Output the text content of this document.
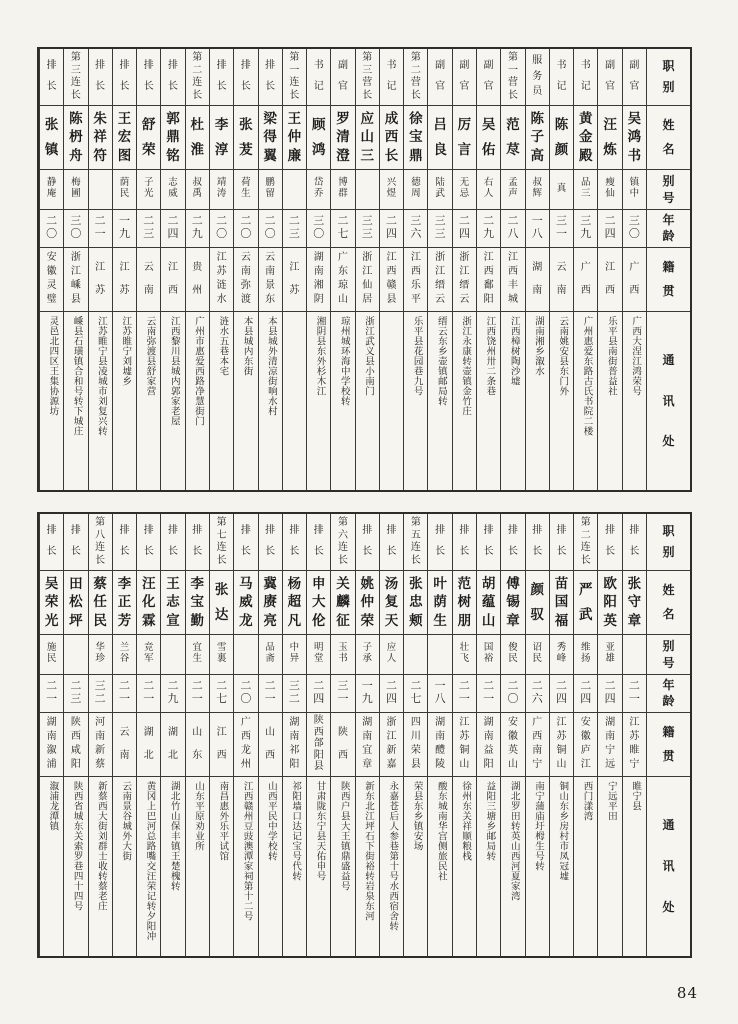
职
别
姓
名
别
号
年
龄
籍
贯
通
讯
处
副
官
吴
鸿
书
镇
中
三
〇
广
西
广西大涅江鸿荣号
副
官
汪
炼
瘦
仙
二
四
江
西
乐平县南街普益社
书
记
黄
金
殿
品
三
三
九
广
西
广州惠爱东路古氏书院二楼
书
记
陈
颜
真
三
一
云
南
云南姚安县东门外
服
务
员
陈
子
高
叔
辉
一
八
湖
南
湖南湘乡溆水
第
一
营
长
范
荩
孟
声
二
八
江
西
丰
城
江西樟树陶沙墟
副
官
吴
佑
右
人
二
九
江
西
鄱
阳
江西饶州卅二条巷
副
官
厉
言
无
忌
二
四
浙
江
缙
云
浙江永康转壶镇金竹庄
副
官
吕
良
陆
武
三
三
浙
江
缙
云
缙云东乡壶镇邮局转
第
二
营
长
徐
宝
鼎
德
周
三
六
江
西
乐
平
乐平县花园巷九号
书
记
成
西
长
兴
煜
二
四
江
西
赣
县
第
三
营
长
应
山
三
三
三
浙
江
仙
居
浙江武义县小南门
副
官
罗
清
澄
博
群
二
七
广
东
琼
山
琼州城环海中学校转
书
记
顾
鸿
岱
乔
三
〇
湖
南
湘
阴
湘阴县东外杉木江
第
一
连
长
王
仲
廉
二
三
江
苏
排
长
梁
得
翼
鹏
留
二
〇
云
南
景
东
本县城外清凉街响水村
排
长
张
茇
荷
生
二
〇
云
南
弥
渡
本县城内东街
排
长
李
淳
靖
涛
二
〇
江
苏
涟
水
涟水五巷本宅
第
二
连
长
杜
淮
叔
禹
二
九
贵
州
广州市惠爱西路净慧街门
排
长
郭
鼎
铭
志
威
二
四
江
西
江西黎川县城内郭家老屋
排
长
舒
荣
子
光
二
三
云
南
云南弥渡县舒家营
排
长
王
宏
图
荫
民
一
九
江
苏
江苏睢宁刘墟乡
排
长
朱
祥
符
二
一
江
苏
江苏睢宁县凌城市刘复兴转
第
三
连
长
陈
枬
舟
梅
圃
三
〇
浙
江
嵊
县
嵊县石璜镇合和号转下城庄
排
长
张
镇
静
庵
二
〇
安
徽
灵
璧
灵邑北四区王集协源坊
职
别
姓
名
别
号
年
龄
籍
贯
通
讯
处
排
长
张
守
章
二
一
江
苏
睢
宁
睢宁县
排
长
欧
阳
英
亚
雄
二
四
湖
南
宁
远
宁远平田
第
二
连
长
严
武
维
扬
二
四
安
徽
庐
江
西门漾湾
排
长
苗
国
福
秀
峰
二
四
江
苏
铜
山
铜山东乡房村市凤冠墟
排
长
颜
驭
诏
民
二
六
广
西
南
宁
南宁蒲庙圩栂生号转
排
长
傅
锡
章
俊
民
二
〇
安
徽
英
山
湖北罗田转英山西河夏家湾
排
长
胡
蕴
山
国
裕
二
一
湖
南
益
阳
益阳三塘乡邮局转
排
长
范
树
朋
壮
飞
二
一
江
苏
铜
山
徐州东关祥顺粮栈
排
长
叶
荫
生
一
八
湖
南
醴
陵
酸东城南华宫侧旅民社
第
五
连
长
张
忠
颊
二
七
四
川
荣
县
荣县东乡镇安场
排
长
汤
复
天
应
人
二
四
浙
江
新
嘉
永嘉苍后人参巷第十号水西宿舍转
排
长
姚
仲
荣
子
承
一
九
湖
南
宜
章
新东北江坪石下街裕转岩泉东河
第
六
连
长
关
麟
征
玉
书
三
一
陕
西
陕西户县大王镇鼎盛益号
排
长
申
大
伦
明
堂
二
四
陕
西
郃
阳
县
甘肃陇东宁县天佑申号
排
长
杨
超
凡
中
异
三
二
湖
南
祁
阳
祁阳墙口达记宝号代转
排
长
冀
赓
亮
品
斋
二
一
山
西
山西平民中学校转
排
长
马
威
龙
二
〇
广
西
龙
州
江西赣州豆豉澳潭家祠第十二号
第
七
连
长
张
达
雪
裏
二
七
江
西
南昌惠外乐平试馆
排
长
李
宝
勤
宜
生
二
一
山
东
山东平原劝业所
排
长
王
志
宣
二
九
湖
北
湖北竹山保丰镇王楚槐转
排
长
汪
化
霖
竞
军
二
一
湖
北
黄冈上巴河总路嘴交汪荣记转夕阳冲
排
长
李
正
芳
兰
谷
二
一
云
南
云南景谷城外大街
第
八
连
长
蔡
任
民
华
珍
三
二
河
南
新
蔡
新蔡西大街刘群士收转蔡老庄
排
长
田
松
坪
二
三
陕
西
咸
阳
陕西省城东关索罗巷四十四号
排
长
吴
荣
光
施
民
二
一
湖
南
溆
浦
溆浦龙潭镇
84
